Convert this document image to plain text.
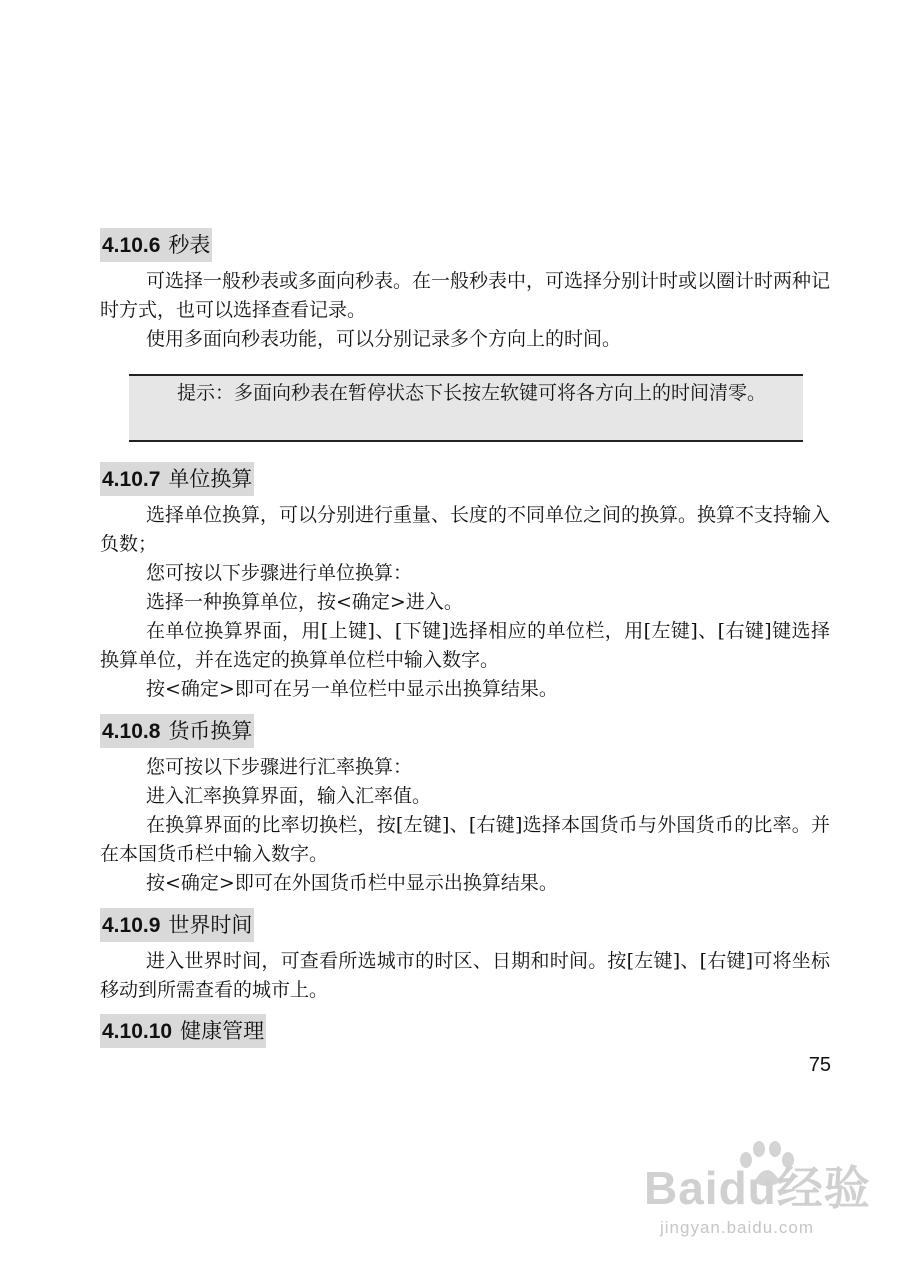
4.10.6 秒表

可选择一般秒表或多面向秒表。在一般秒表中，可选择分别计时或以圈计时两种记时方式，也可以选择查看记录。

使用多面向秒表功能，可以分别记录多个方向上的时间。

提示：多面向秒表在暂停状态下长按左软键可将各方向上的时间清零。

4.10.7 单位换算

选择单位换算，可以分别进行重量、长度的不同单位之间的换算。换算不支持输入负数；

您可按以下步骤进行单位换算：

选择一种换算单位，按<确定>进入。

在单位换算界面，用[上键]、[下键]选择相应的单位栏，用[左键]、[右键]键选择换算单位，并在选定的换算单位栏中输入数字。

按<确定>即可在另一单位栏中显示出换算结果。

4.10.8 货币换算

您可按以下步骤进行汇率换算：

进入汇率换算界面，输入汇率值。

在换算界面的比率切换栏，按[左键]、[右键]选择本国货币与外国货币的比率。并在本国货币栏中输入数字。

按<确定>即可在外国货币栏中显示出换算结果。

4.10.9 世界时间

进入世界时间，可查看所选城市的时区、日期和时间。按[左键]、[右键]可将坐标移动到所需查看的城市上。

4.10.10 健康管理
75
Baidu经验
jingyan.baidu.com
